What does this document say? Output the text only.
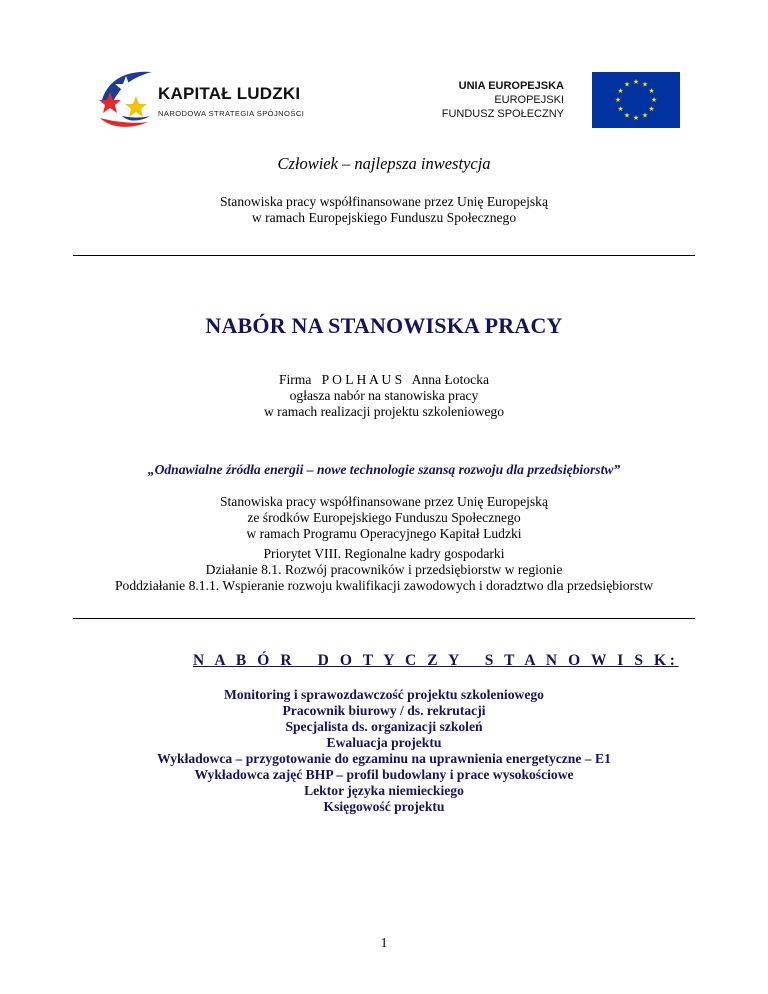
KAPITAŁ LUDZKI
NARODOWA STRATEGIA SPÓJNOŚCI
UNIA EUROPEJSKA
EUROPEJSKI
FUNDUSZ SPOŁECZNY
★ ★
★
★
★
★
★
★
★
★
★
★
Człowiek – najlepsza inwestycja
Stanowiska pracy współfinansowane przez Unię Europejską
w ramach Europejskiego Funduszu Społecznego
NABÓR NA STANOWISKA PRACY
Firma P O L H A U S Anna Łotocka
ogłasza nabór na stanowiska pracy
w ramach realizacji projektu szkoleniowego
„Odnawialne źródła energii – nowe technologie szansą rozwoju dla przedsiębiorstw”
Stanowiska pracy współfinansowane przez Unię Europejską
ze środków Europejskiego Funduszu Społecznego
w ramach Programu Operacyjnego Kapitał Ludzki
Priorytet VIII. Regionalne kadry gospodarki
Działanie 8.1. Rozwój pracowników i przedsiębiorstw w regionie
Poddziałanie 8.1.1. Wspieranie rozwoju kwalifikacji zawodowych i doradztwo dla przedsiębiorstw
N A B Ó R   D O T Y C Z Y   S T A N O W I S K:
Monitoring i sprawozdawczość projektu szkoleniowego
Pracownik biurowy / ds. rekrutacji
Specjalista ds. organizacji szkoleń
Ewaluacja projektu
Wykładowca – przygotowanie do egzaminu na uprawnienia energetyczne – E1
Wykładowca zajęć BHP – profil budowlany i prace wysokościowe
Lektor języka niemieckiego
Księgowość projektu
1
